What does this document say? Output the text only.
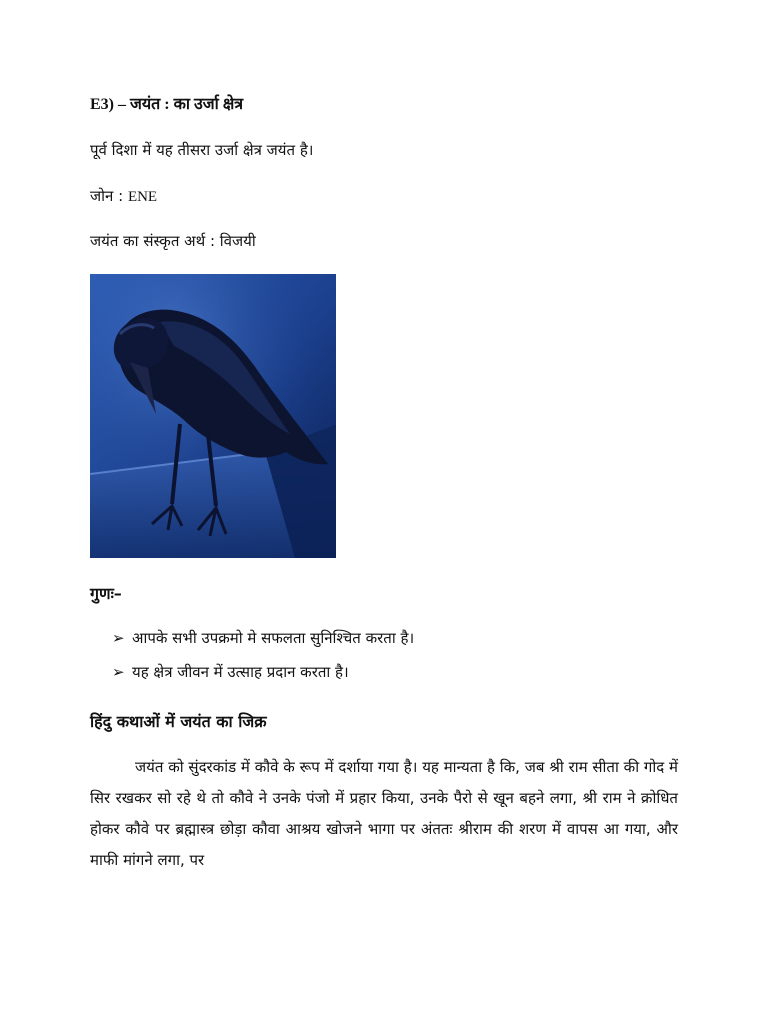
E3) – जयंत : का उर्जा क्षेत्र
पूर्व दिशा में यह तीसरा उर्जा क्षेत्र जयंत है।
जोन : ENE
जयंत का संस्कृत अर्थ : विजयी
गुणः–
➢ आपके सभी उपक्रमो मे सफलता सुनिश्चित करता है।
➢ यह क्षेत्र जीवन में उत्साह प्रदान करता है।
हिंदु कथाओं में जयंत का जिक्र
जयंत को सुंदरकांड में कौवे के रूप में दर्शाया गया है। यह मान्यता है कि, जब श्री राम सीता की गोद में सिर रखकर सो रहे थे तो कौवे ने उनके पंजो में प्रहार किया, उनके पैरो से खून बहने लगा, श्री राम ने क्रोधित होकर कौवे पर ब्रह्मास्त्र छोड़ा कौवा आश्रय खोजने भागा पर अंततः श्रीराम की शरण में वापस आ गया, और माफी मांगने लगा, पर
